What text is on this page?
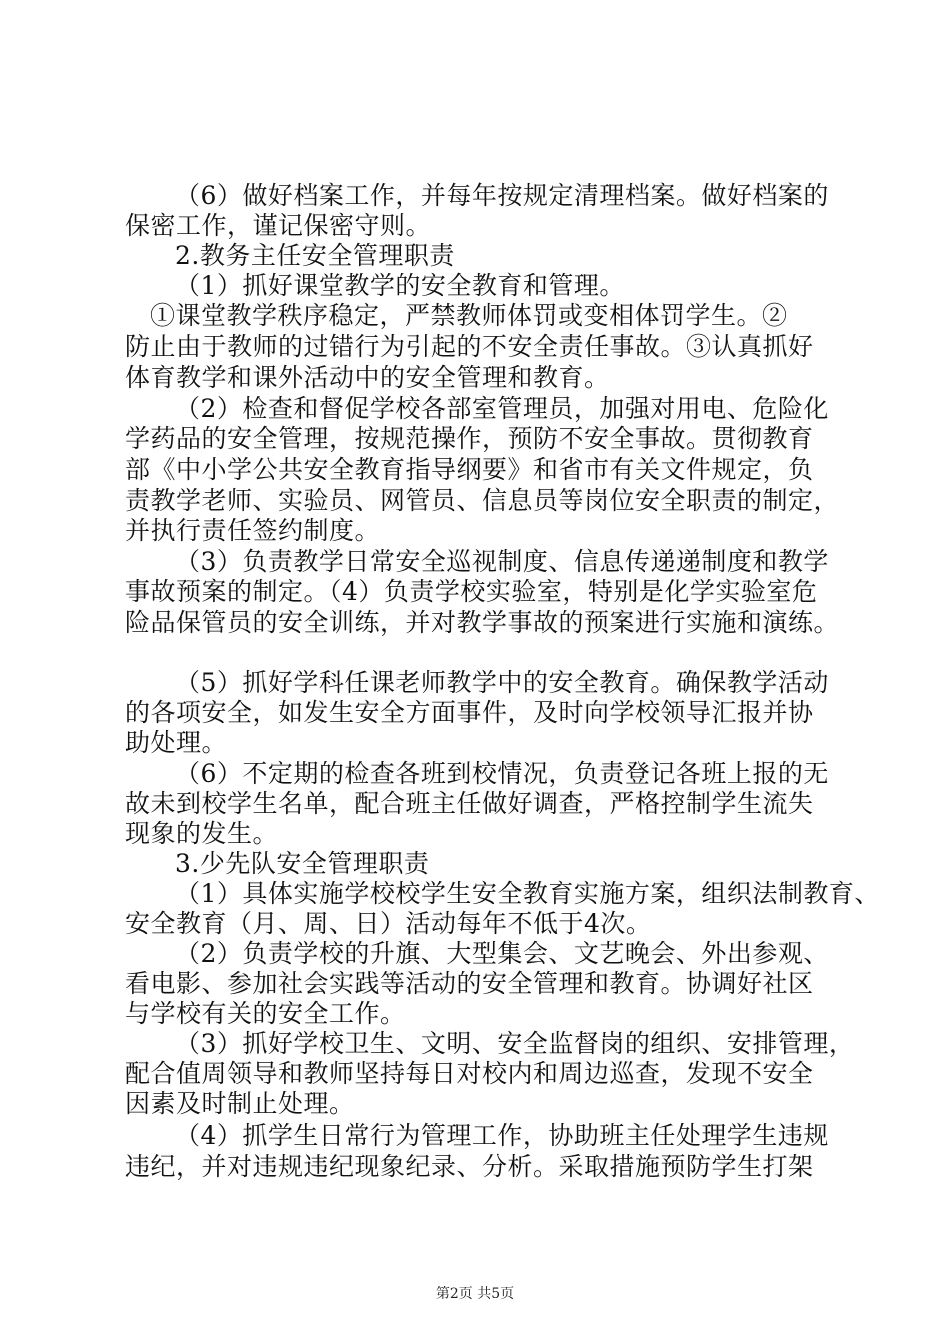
（6）做好档案工作，并每年按规定清理档案。做好档案的
保密工作，谨记保密守则。
2.教务主任安全管理职责
（1）抓好课堂教学的安全教育和管理。
①课堂教学秩序稳定，严禁教师体罚或变相体罚学生。②
防止由于教师的过错行为引起的不安全责任事故。③认真抓好
体育教学和课外活动中的安全管理和教育。
（2）检查和督促学校各部室管理员，加强对用电、危险化
学药品的安全管理，按规范操作，预防不安全事故。贯彻教育
部《中小学公共安全教育指导纲要》和省市有关文件规定，负
责教学老师、实验员、网管员、信息员等岗位安全职责的制定，
并执行责任签约制度。
（3）负责教学日常安全巡视制度、信息传递递制度和教学
事故预案的制定。（4）负责学校实验室，特别是化学实验室危
险品保管员的安全训练，并对教学事故的预案进行实施和演练。
（5）抓好学科任课老师教学中的安全教育。确保教学活动
的各项安全，如发生安全方面事件，及时向学校领导汇报并协
助处理。
（6）不定期的检查各班到校情况，负责登记各班上报的无
故未到校学生名单，配合班主任做好调查，严格控制学生流失
现象的发生。
3.少先队安全管理职责
（1）具体实施学校校学生安全教育实施方案，组织法制教育、
安全教育（月、周、日）活动每年不低于4次。
（2）负责学校的升旗、大型集会、文艺晚会、外出参观、
看电影、参加社会实践等活动的安全管理和教育。协调好社区
与学校有关的安全工作。
（3）抓好学校卫生、文明、安全监督岗的组织、安排管理，
配合值周领导和教师坚持每日对校内和周边巡查，发现不安全
因素及时制止处理。
（4）抓学生日常行为管理工作，协助班主任处理学生违规
违纪，并对违规违纪现象纪录、分析。采取措施预防学生打架
第2页 共5页
